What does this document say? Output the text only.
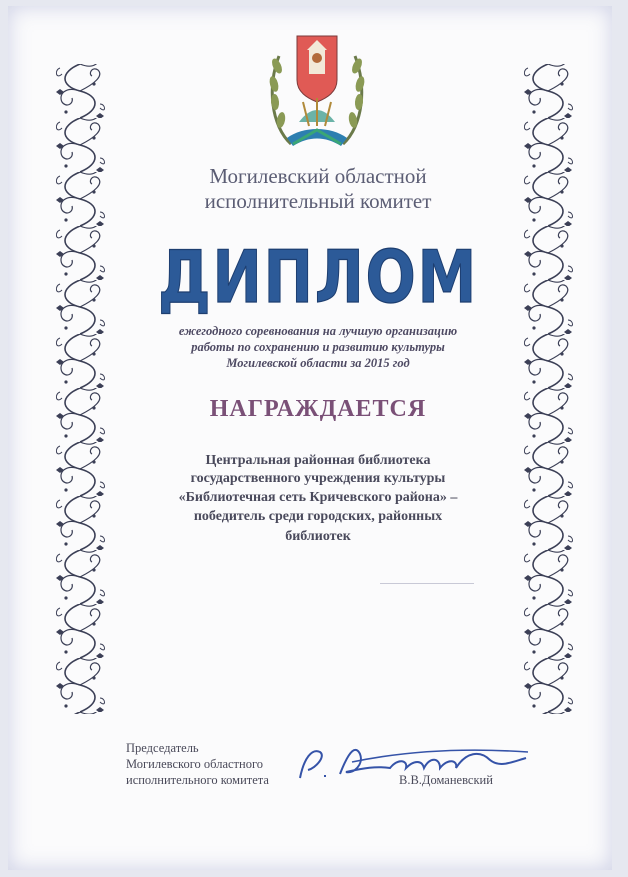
Могилевский областной
исполнительный комитет
ДИПЛОМ
ежегодного соревнования на лучшую организацию
работы по сохранению и развитию культуры
Могилевской области за 2015 год
НАГРАЖДАЕТСЯ
Центральная районная библиотека
государственного учреждения культуры
«Библиотечная сеть Кричевского района» –
победитель среди городских, районных
библиотек
Председатель
Могилевского областного
исполнительного комитета	В.В.Доманевский
